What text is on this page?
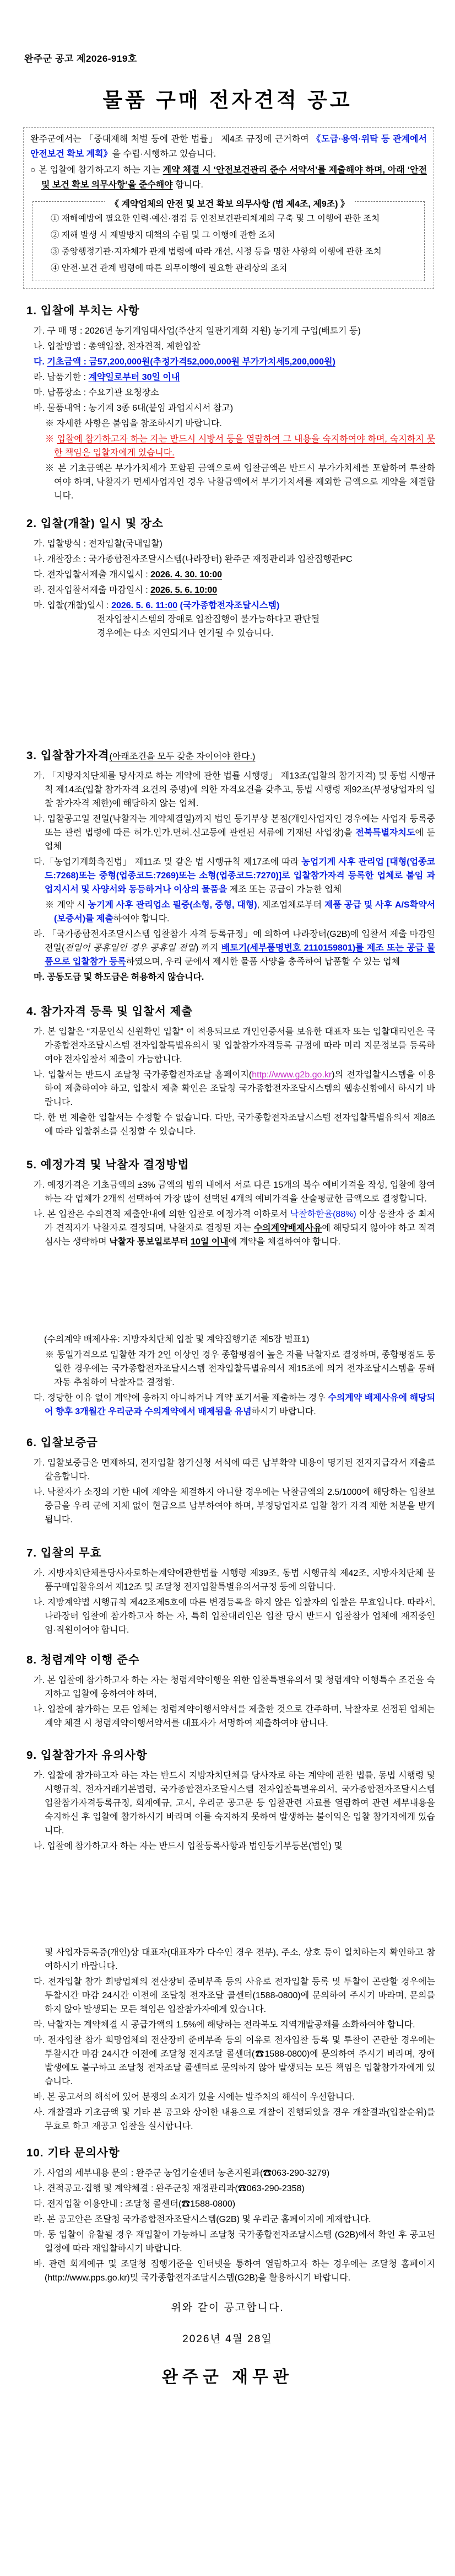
완주군 공고 제2026-919호
물품 구매 전자견적 공고

완주군에서는 「중대재해 처벌 등에 관한 법률」 제4조 규정에 근거하여 《도급·용역·위탁 등 관계에서 안전보건 확보 계획》을 수립·시행하고 있습니다.

○ 본 입찰에 참가하고자 하는 자는 계약 체결 시 ‘안전보건관리 준수 서약서’를 제출해야 하며, 아래 ‘안전 및 보건 확보 의무사항’을 준수해야 합니다.

《 계약업체의 안전 및 보건 확보 의무사항 (법 제4조, 제9조) 》

① 재해예방에 필요한 인력·예산·점검 등 안전보건관리체계의 구축 및 그 이행에 관한 조치

② 재해 발생 시 재발방지 대책의 수립 및 그 이행에 관한 조치

③ 중앙행정기관·지자체가 관계 법령에 따라 개선, 시정 등을 명한 사항의 이행에 관한 조치

④ 안전·보건 관계 법령에 따른 의무이행에 필요한 관리상의 조치

1. 입찰에 부치는 사항

가. 구 매 명 : 2026년 농기계임대사업(주산지 일관기계화 지원) 농기계 구입(배토기 등)

나. 입찰방법 : 총액입찰, 전자견적, 제한입찰

다. 기초금액 : 금57,200,000원(추정가격52,000,000원 부가가치세5,200,000원)

라. 납품기한 : 계약일로부터 30일 이내

마. 납품장소 : 수요기관 요청장소

바. 물품내역 : 농기계 3종 6대(붙임 과업지시서 참고)

※ 자세한 사항은 붙임을 참조하시기 바랍니다.

※ 입찰에 참가하고자 하는 자는 반드시 시방서 등을 열람하여 그 내용을 숙지하여야 하며, 숙지하지 못한 책임은 입찰자에게 있습니다.

※ 본 기초금액은 부가가치세가 포함된 금액으로써 입찰금액은 반드시 부가가치세를 포함하여 투찰하여야 하며, 낙찰자가 면세사업자인 경우 낙찰금액에서 부가가치세를 제외한 금액으로 계약을 체결합니다.

2. 입찰(개찰) 일시 및 장소

가. 입찰방식 : 전자입찰(국내입찰)

나. 개찰장소 : 국가종합전자조달시스템(나라장터) 완주군 재정관리과 입찰집행관PC

다. 전자입찰서제출 개시일시 : 2026. 4. 30. 10:00

라. 전자입찰서제출 마감일시 : 2026. 5. 6. 10:00

마. 입찰(개찰)일시 : 2026. 5. 6. 11:00 (국가종합전자조달시스템)

전자입찰시스템의 장애로 입찰집행이 불가능하다고 판단될

경우에는 다소 지연되거나 연기될 수 있습니다.

3. 입찰참가자격(아래조건을 모두 갖춘 자이어야 한다.)

가. 「지방자치단체를 당사자로 하는 계약에 관한 법률 시행령」 제13조(입찰의 참가자격) 및 동법 시행규칙 제14조(입찰 참가자격 요건의 증명)에 의한 자격요건을 갖추고, 동법 시행령 제92조(부정당업자의 입찰 참가자격 제한)에 해당하지 않는 업체.

나. 입찰공고일 전일(낙찰자는 계약체결일)까지 법인 등기부상 본점(개인사업자인 경우에는 사업자 등록증 또는 관련 법령에 따른 허가.인가.면허.신고등에 관련된 서류에 기재된 사업장)을 전북특별자치도에 둔 업체

다.「농업기계화촉진법」 제11조 및 같은 법 시행규칙 제17조에 따라 농업기계 사후 관리업 [대형(업종코드:7268)또는 중형(업종코드:7269)또는 소형(업종코드:7270)]로 입찰참가자격 등록한 업체로 붙임 과업지시서 및 사양서와 동등하거나 이상의 물품을 제조 또는 공급이 가능한 업체

※ 계약 시 농기계 사후 관리업소 필증(소형, 중형, 대형), 제조업체로부터 제품 공급 및 사후 A/S확약서(보증서)를 제출하여야 합니다.

라. 「국가종합전자조달시스템 입찰참가 자격 등록규정」에 의하여 나라장터(G2B)에 입찰서 제출 마감일 전일(전일이 공휴일인 경우 공휴일 전일) 까지 배토기(세부품명번호 2110159801)를 제조 또는 공급 물품으로 입찰참가 등록하였으며, 우리 군에서 제시한 물품 사양을 충족하여 납품할 수 있는 업체

마. 공동도급 및 하도급은 허용하지 않습니다.

4. 참가자격 등록 및 입찰서 제출

가. 본 입찰은 “지문인식 신원확인 입찰” 이 적용되므로 개인인증서를 보유한 대표자 또는 입찰대리인은 국가종합전자조달시스템 전자입찰특별유의서 및 입찰참가자격등록 규정에 따라 미리 지문정보를 등록하여야 전자입찰서 제출이 가능합니다.

나. 입찰서는 반드시 조달청 국가종합전자조달 홈페이지(http://www.g2b.go.kr)의 전자입찰시스템을 이용하여 제출하여야 하고, 입찰서 제출 확인은 조달청 국가종합전자조달시스템의 웹송신함에서 하시기 바랍니다.

다. 한 번 제출한 입찰서는 수정할 수 없습니다. 다만, 국가종합전자조달시스템 전자입찰특별유의서 제8조에 따라 입찰취소를 신청할 수 있습니다.

5. 예정가격 및 낙찰자 결정방법

가. 예정가격은 기초금액의 ±3% 금액의 범위 내에서 서로 다른 15개의 복수 예비가격을 작성, 입찰에 참여하는 각 업체가 2개씩 선택하여 가장 많이 선택된 4개의 예비가격을 산술평균한 금액으로 결정합니다.

나. 본 입찰은 수의견적 제출안내에 의한 입찰로 예정가격 이하로서 낙찰하한율(88%) 이상 응찰자 중 최저가 견적자가 낙찰자로 결정되며, 낙찰자로 결정된 자는 수의계약배제사유에 해당되지 않아야 하고 적격심사는 생략하며 낙찰자 통보일로부터 10일 이내에 계약을 체결하여야 합니다.

(수의계약 배제사유: 지방자치단체 입찰 및 계약집행기준 제5장 별표1)

※ 동일가격으로 입찰한 자가 2인 이상인 경우 종합평점이 높은 자를 낙찰자로 결정하며, 종합평점도 동일한 경우에는 국가종합전자조달시스템 전자입찰특별유의서 제15조에 의거 전자조달시스템을 통해 자동 추첨하여 낙찰자를 결정함.

다. 정당한 이유 없이 계약에 응하지 아니하거나 계약 포기서를 제출하는 경우 수의계약 배제사유에 해당되어 향후 3개월간 우리군과 수의계약에서 배제됨을 유념하시기 바랍니다.

6. 입찰보증금

가. 입찰보증금은 면제하되, 전자입찰 참가신청 서식에 따른 납부확약 내용이 명기된 전자지급각서 제출로 갈음합니다.

나. 낙찰자가 소정의 기한 내에 계약을 체결하지 아니할 경우에는 낙찰금액의 2.5/1000에 해당하는 입찰보증금을 우리 군에 지체 없이 현금으로 납부하여야 하며, 부정당업자로 입찰 참가 자격 제한 처분을 받게 됩니다.

7. 입찰의 무효

가. 지방자치단체를당사자로하는계약에관한법률 시행령 제39조, 동법 시행규칙 제42조, 지방자치단체 물품구매입찰유의서 제12조 및 조달청 전자입찰특별유의서규정 등에 의합니다.

나. 지방계약법 시행규칙 제42조제5호에 따른 변경등록을 하지 않은 입찰자의 입찰은 무효입니다. 따라서, 나라장터 입찰에 참가하고자 하는 자, 특히 입찰대리인은 입찰 당시 반드시 입찰참가 업체에 재직중인 임·직원이어야 합니다.

8. 청렴계약 이행 준수

가. 본 입찰에 참가하고자 하는 자는 청렴계약이행을 위한 입찰특별유의서 및 청렴계약 이행특수 조건을 숙지하고 입찰에 응하여야 하며,

나. 입찰에 참가하는 모든 업체는 청렴계약이행서약서를 제출한 것으로 간주하며, 낙찰자로 선정된 업체는 계약 체결 시 청렴계약이행서약서를 대표자가 서명하여 제출하여야 합니다.

9. 입찰참가자 유의사항

가. 입찰에 참가하고자 하는 자는 반드시 지방자치단체를 당사자로 하는 계약에 관한 법률, 동법 시행령 및 시행규칙, 전자거래기본법령, 국가종합전자조달시스템 전자입찰특별유의서, 국가종합전자조달시스템 입찰참가자격등록규정, 회계예규, 고시, 우리군 공고문 등 입찰관련 자료를 열람하여 관련 세부내용을 숙지하신 후 입찰에 참가하시기 바라며 이를 숙지하지 못하여 발생하는 불이익은 입찰 참가자에게 있습니다.

나. 입찰에 참가하고자 하는 자는 반드시 입찰등록사항과 법인등기부등본(법인) 및

및 사업자등록증(개인)상 대표자(대표자가 다수인 경우 전부), 주소, 상호 등이 일치하는지 확인하고 참여하시기 바랍니다.

다. 전자입찰 참가 희망업체의 전산장비 준비부족 등의 사유로 전자입찰 등록 및 투찰이 곤란할 경우에는 투찰시간 마감 24시간 이전에 조달청 전자조달 콜센터(1588-0800)에 문의하여 주시기 바라며, 문의를 하지 않아 발생되는 모든 책임은 입찰참가자에게 있습니다.

라. 낙찰자는 계약체결 시 공급가액의 1.5%에 해당하는 전라북도 지역개발공채를 소화하여야 합니다.

마. 전자입찰 참가 희망업체의 전산장비 준비부족 등의 이유로 전자입찰 등록 및 투찰이 곤란할 경우에는 투찰시간 마감 24시간 이전에 조달청 전자조달 콜센터(☎1588-0800)에 문의하여 주시기 바라며, 장애발생에도 불구하고 조달청 전자조달 콜센터로 문의하지 않아 발생되는 모든 책임은 입찰참가자에게 있습니다.

바. 본 공고서의 해석에 있어 분쟁의 소지가 있을 시에는 발주처의 해석이 우선합니다.

사. 개찰결과 기초금액 및 기타 본 공고와 상이한 내용으로 개찰이 진행되었을 경우 개찰결과(입찰순위)를 무효로 하고 재공고 입찰을 실시합니다.

10. 기타 문의사항

가. 사업의 세부내용 문의 : 완주군 농업기술센터 농촌지원과(☎063-290-3279)

나. 견적공고·집행 및 계약체결 : 완주군청 재정관리과(☎063-290-2358)

다. 전자입찰 이용안내 : 조달청 콜센터(☎1588-0800)

라. 본 공고안은 조달청 국가종합전자조달시스템(G2B) 및 우리군 홈페이지에 게재합니다.

마. 동 입찰이 유찰될 경우 재입찰이 가능하니 조달청 국가종합전자조달시스템 (G2B)에서 확인 후 공고된 일정에 따라 재입찰하시기 바랍니다.

바. 관련 회계예규 및 조달청 집행기준을 인터넷을 통하여 열람하고자 하는 경우에는 조달청 홈페이지(http://www.pps.go.kr)및 국가종합전자조달시스템(G2B)을 활용하시기 바랍니다.

위와 같이 공고합니다.
2026년 4월 28일
완주군 재무관
